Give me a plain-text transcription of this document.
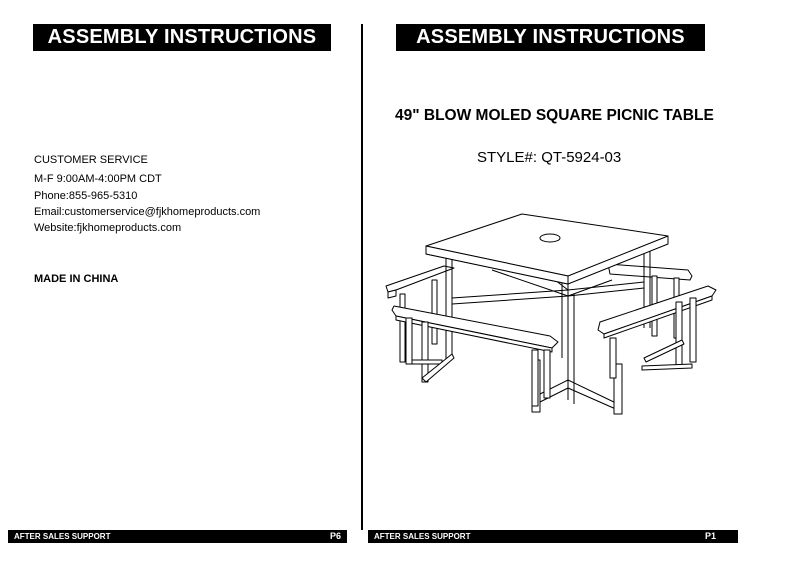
ASSEMBLY INSTRUCTIONS
CUSTOMER SERVICE
M-F 9:00AM-4:00PM CDT
Phone:855-965-5310
Email:customerservice@fjkhomeproducts.com
Website:fjkhomeproducts.com
MADE IN CHINA
AFTER SALES SUPPORT	P6
ASSEMBLY INSTRUCTIONS
49" BLOW MOLED SQUARE PICNIC TABLE
STYLE#: QT-5924-03
AFTER SALES SUPPORT	P1
